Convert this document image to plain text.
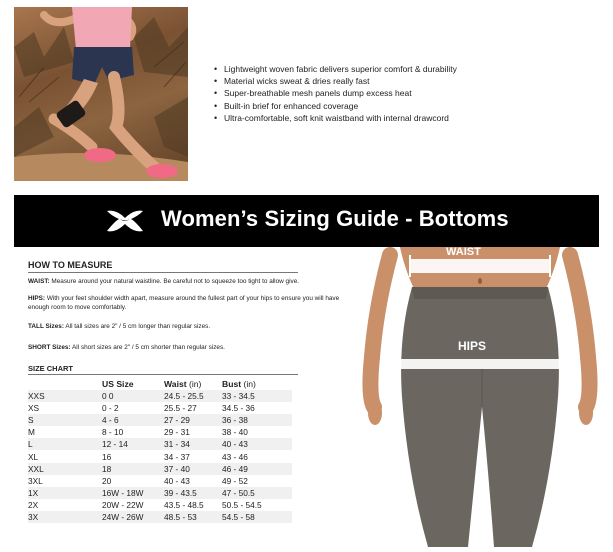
• Lightweight woven fabric delivers superior comfort & durability
• Material wicks sweat & dries really fast
• Super-breathable mesh panels dump excess heat
• Built-in brief for enhanced coverage
• Ultra-comfortable, soft knit waistband with internal drawcord
Women’s Sizing Guide - Bottoms
HOW TO MEASURE
WAIST: Measure around your natural waistline. Be careful not to squeeze too tight to allow give.
HIPS: With your feet shoulder width apart, measure around the fullest part of your hips to ensure you will have enough room to move comfortably.
TALL Sizes: All tall sizes are 2" / 5 cm longer than regular sizes.
SHORT Sizes: All short sizes are 2" / 5 cm shorter than regular sizes.
SIZE CHART
	US Size	Waist (in)	Bust (in)
XXS	0 0	24.5 - 25.5	33 - 34.5
XS	0 - 2	25.5 - 27	34.5 - 36
S	4 - 6	27 - 29	36 - 38
M	8 - 10	29 - 31	38 - 40
L	12 - 14	31 - 34	40 - 43
XL	16	34 - 37	43 - 46
XXL	18	37 - 40	46 - 49
3XL	20	40 - 43	49 - 52
1X	16W - 18W	39 - 43.5	47 - 50.5
2X	20W - 22W	43.5 - 48.5	50.5 - 54.5
3X	24W - 26W	48.5 - 53	54.5 - 58
WAIST
HIPS
